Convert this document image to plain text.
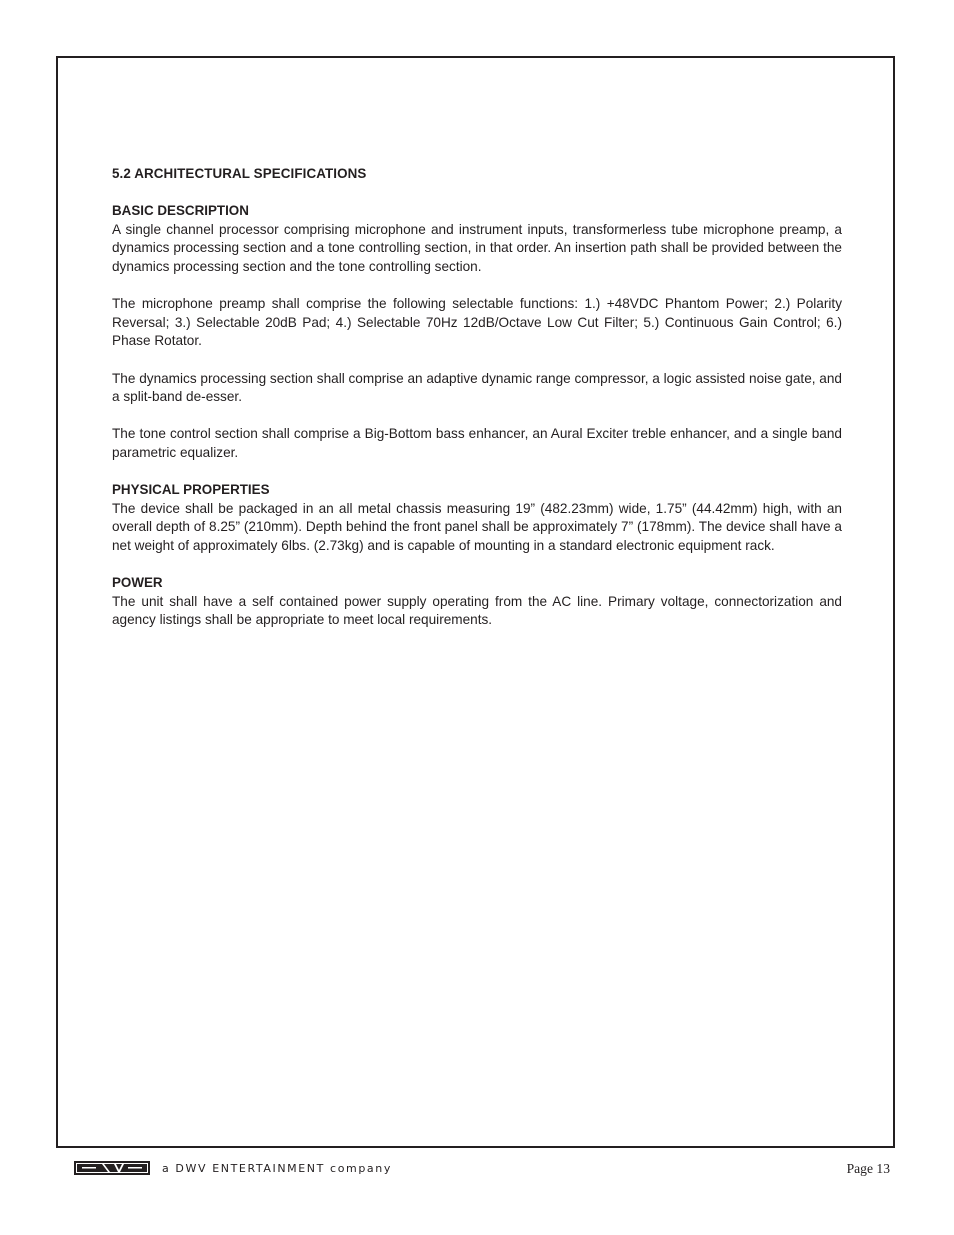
5.2 ARCHITECTURAL SPECIFICATIONS

BASIC DESCRIPTION

A single channel processor comprising microphone and instrument inputs, transformerless tube microphone preamp, a dynamics processing section and a tone controlling section, in that order. An insertion path shall be provided between the dynamics processing section and the tone controlling section.

The microphone preamp shall comprise the following selectable functions: 1.) +48VDC Phantom Power; 2.) Polarity Reversal; 3.) Selectable 20dB Pad; 4.) Selectable 70Hz 12dB/Octave Low Cut Filter; 5.) Continuous Gain Control; 6.) Phase Rotator.

The dynamics processing section shall comprise an adaptive dynamic range compressor, a logic assisted noise gate, and a split-band de-esser.

The tone control section shall comprise a Big-Bottom bass enhancer, an Aural Exciter treble enhancer, and a single band parametric equalizer.

PHYSICAL PROPERTIES

The device shall be packaged in an all metal chassis measuring 19” (482.23mm) wide, 1.75” (44.42mm) high, with an overall depth of 8.25” (210mm). Depth behind the front panel shall be approximately 7” (178mm). The device shall have a net weight of approximately 6lbs. (2.73kg) and is capable of mounting in a standard electronic equipment rack.

POWER

The unit shall have a self contained power supply operating from the AC line. Primary voltage, connectorization and agency listings shall be appropriate to meet local requirements.

a DWV ENTERTAINMENT company	Page 13
